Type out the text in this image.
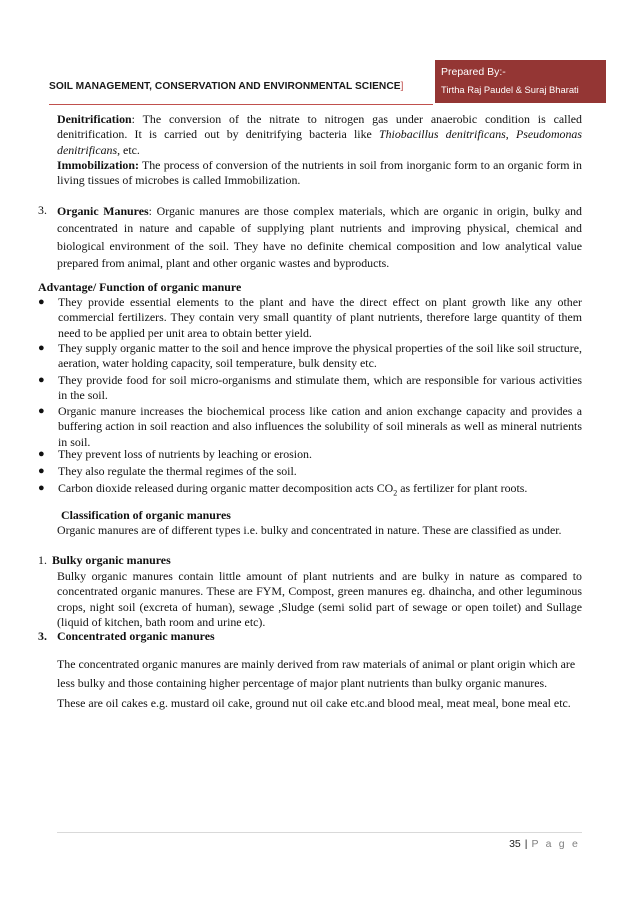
SOIL MANAGEMENT, CONSERVATION AND ENVIRONMENTAL SCIENCE]
Prepared By:-
Tirtha Raj Paudel & Suraj Bharati
Denitrification: The conversion of the nitrate to nitrogen gas under anaerobic condition is called denitrification. It is carried out by denitrifying bacteria like Thiobacillus denitrificans, Pseudomonas denitrificans, etc.
Immobilization: The process of conversion of the nutrients in soil from inorganic form to an organic form in living tissues of microbes is called Immobilization.
3. Organic Manures: Organic manures are those complex materials, which are organic in origin, bulky and concentrated in nature and capable of supplying plant nutrients and improving physical, chemical and biological environment of the soil. They have no definite chemical composition and low analytical value prepared from animal, plant and other organic wastes and byproducts.
Advantage/ Function of organic manure
● They provide essential elements to the plant and have the direct effect on plant growth like any other commercial fertilizers. They contain very small quantity of plant nutrients, therefore large quantity of them need to be applied per unit area to obtain better yield.
● They supply organic matter to the soil and hence improve the physical properties of the soil like soil structure, aeration, water holding capacity, soil temperature, bulk density etc.
● They provide food for soil micro-organisms and stimulate them, which are responsible for various activities in the soil.
● Organic manure increases the biochemical process like cation and anion exchange capacity and provides a buffering action in soil reaction and also influences the solubility of soil minerals as well as mineral nutrients in soil.
● They prevent loss of nutrients by leaching or erosion.
● They also regulate the thermal regimes of the soil.
● Carbon dioxide released during organic matter decomposition acts $CO_2$ as fertilizer for plant roots.
Classification of organic manures
Organic manures are of different types i.e. bulky and concentrated in nature. These are classified as under.
1. Bulky organic manures
Bulky organic manures contain little amount of plant nutrients and are bulky in nature as compared to concentrated organic manures. These are FYM, Compost, green manures eg. dhaincha, and other leguminous crops, night soil (excreta of human), sewage ,Sludge (semi solid part of sewage or open toilet) and Sullage (liquid of kitchen, bath room and urine etc).
3. Concentrated organic manures
The concentrated organic manures are mainly derived from raw materials of animal or plant origin which are less bulky and those containing higher percentage of major plant nutrients than bulky organic manures. These are oil cakes e.g. mustard oil cake, ground nut oil cake etc.and blood meal, meat meal, bone meal etc.
35 | P a g e
